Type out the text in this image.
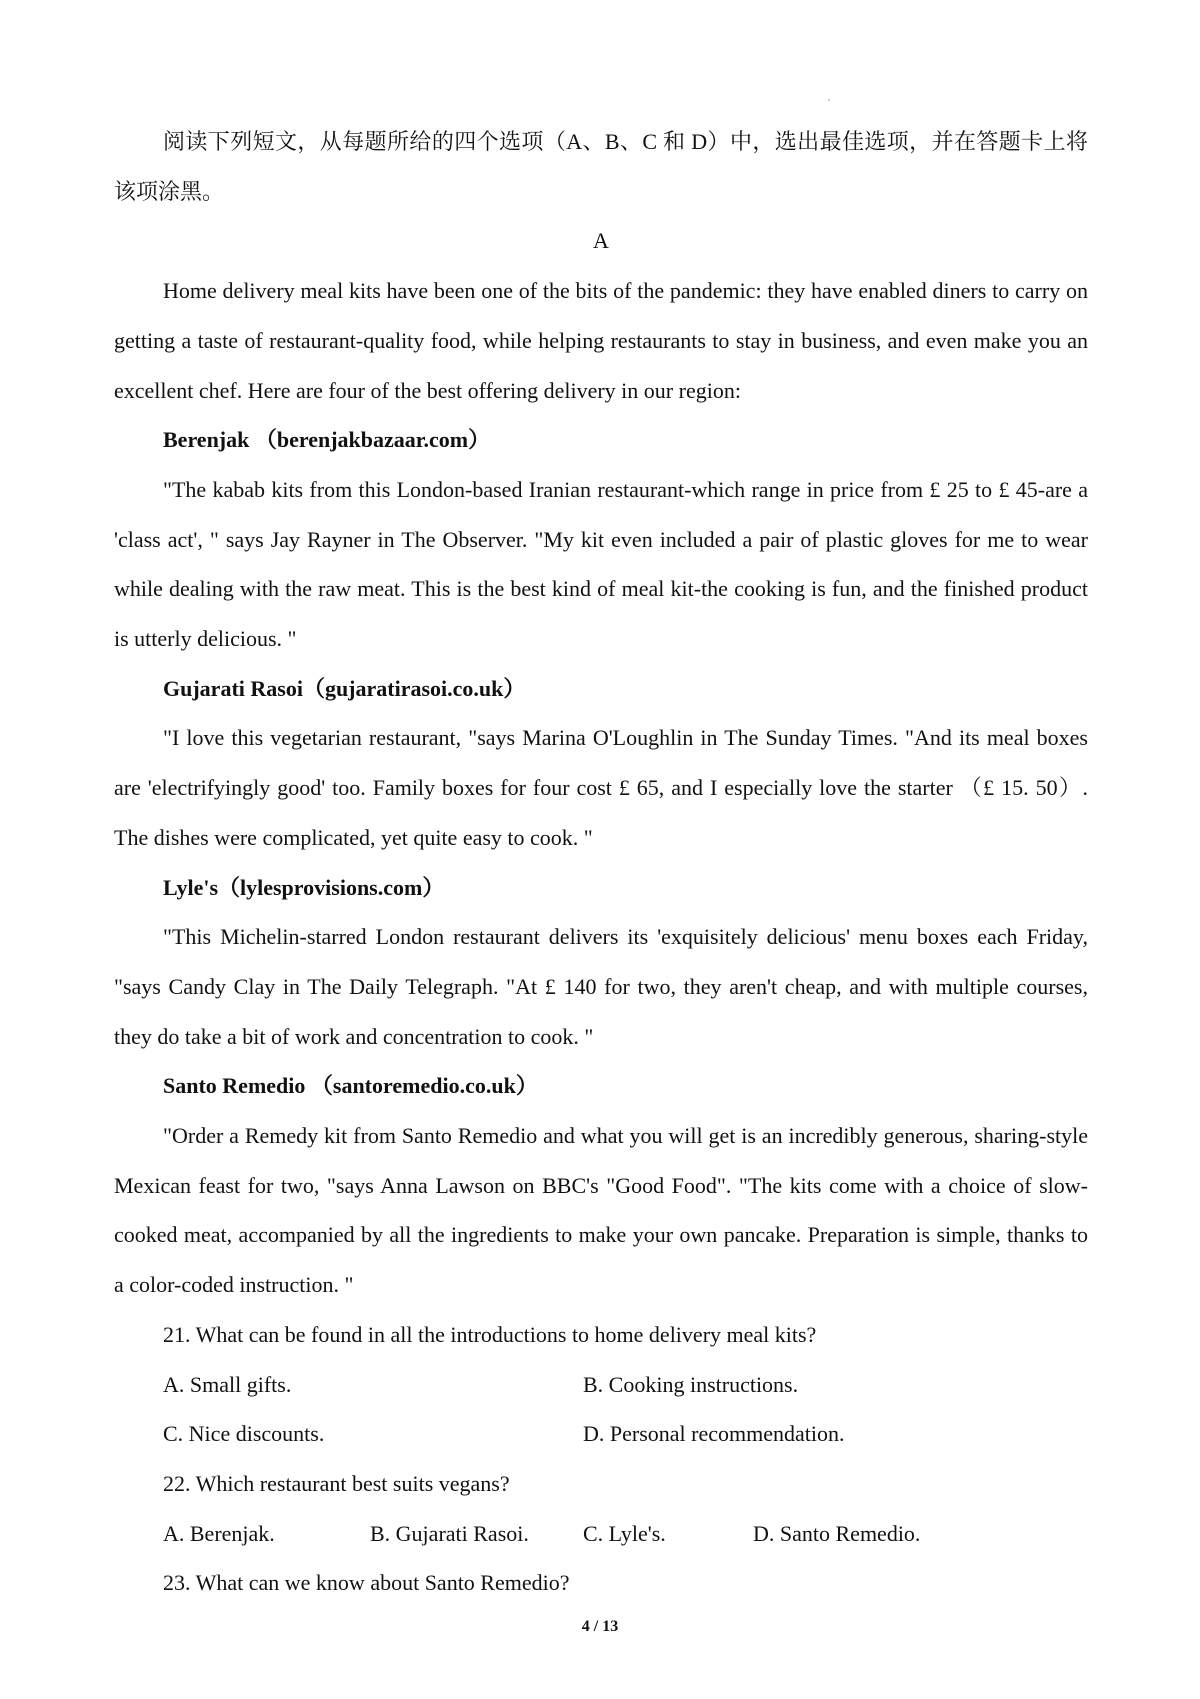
阅读下列短文，从每题所给的四个选项（A、B、C 和 D）中，选出最佳选项，并在答题卡上将该项涂黑。

A

Home delivery meal kits have been one of the bits of the pandemic: they have enabled diners to carry on getting a taste of restaurant-quality food, while helping restaurants to stay in business, and even make you an excellent chef. Here are four of the best offering delivery in our region:

Berenjak （berenjakbazaar.com）

"The kabab kits from this London-based Iranian restaurant-which range in price from £ 25 to £ 45-are a 'class act', " says Jay Rayner in The Observer. "My kit even included a pair of plastic gloves for me to wear while dealing with the raw meat. This is the best kind of meal kit-the cooking is fun, and the finished product is utterly delicious. "

Gujarati Rasoi（gujaratirasoi.co.uk）

"I love this vegetarian restaurant, "says Marina O'Loughlin in The Sunday Times. "And its meal boxes are 'electrifyingly good' too. Family boxes for four cost £ 65, and I especially love the starter （£ 15. 50）. The dishes were complicated, yet quite easy to cook. "

Lyle's（lylesprovisions.com）

"This Michelin-starred London restaurant delivers its 'exquisitely delicious' menu boxes each Friday, "says Candy Clay in The Daily Telegraph. "At £ 140 for two, they aren't cheap, and with multiple courses, they do take a bit of work and concentration to cook. "

Santo Remedio （santoremedio.co.uk）

"Order a Remedy kit from Santo Remedio and what you will get is an incredibly generous, sharing-style Mexican feast for two, "says Anna Lawson on BBC's "Good Food". "The kits come with a choice of slow-cooked meat, accompanied by all the ingredients to make your own pancake. Preparation is simple, thanks to a color-coded instruction. "

21. What can be found in all the introductions to home delivery meal kits?

A. Small gifts.	B. Cooking instructions.
C. Nice discounts.	D. Personal recommendation.

22. Which restaurant best suits vegans?

A. Berenjak.	B. Gujarati Rasoi.	C. Lyle's.	D. Santo Remedio.

23. What can we know about Santo Remedio?

4 / 13
